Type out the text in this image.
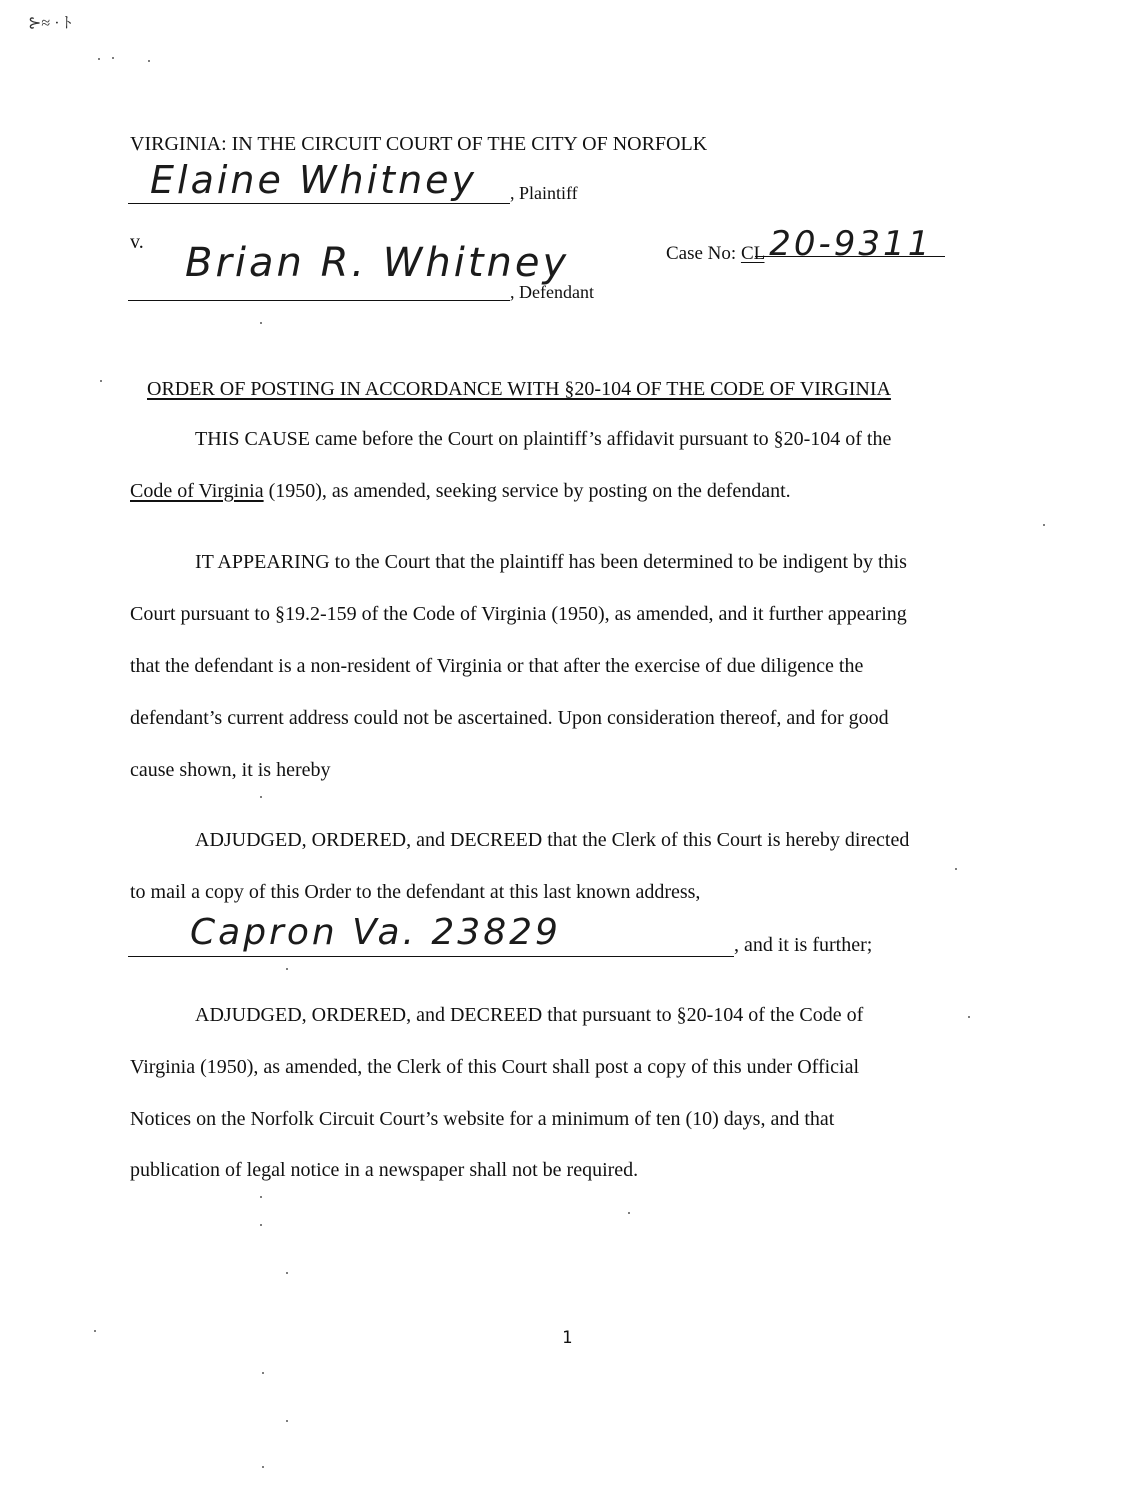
⊱≈ · ﾄ
VIRGINIA: IN THE CIRCUIT COURT OF THE CITY OF NORFOLK
Elaine Whitney , Plaintiff
v. Brian R. Whitney
, Defendant
Case No: CL 20-9311
ORDER OF POSTING IN ACCORDANCE WITH §20-104 OF THE CODE OF VIRGINIA
THIS CAUSE came before the Court on plaintiff’s affidavit pursuant to §20-104 of the
Code of Virginia (1950), as amended, seeking service by posting on the defendant.
IT APPEARING to the Court that the plaintiff has been determined to be indigent by this
Court pursuant to §19.2-159 of the Code of Virginia (1950), as amended, and it further appearing
that the defendant is a non-resident of Virginia or that after the exercise of due diligence the
defendant’s current address could not be ascertained. Upon consideration thereof, and for good
cause shown, it is hereby
ADJUDGED, ORDERED, and DECREED that the Clerk of this Court is hereby directed
to mail a copy of this Order to the defendant at this last known address,
Capron Va. 23829	, and it is further;
ADJUDGED, ORDERED, and DECREED that pursuant to §20-104 of the Code of
Virginia (1950), as amended, the Clerk of this Court shall post a copy of this under Official
Notices on the Norfolk Circuit Court’s website for a minimum of ten (10) days, and that
publication of legal notice in a newspaper shall not be required.
1
